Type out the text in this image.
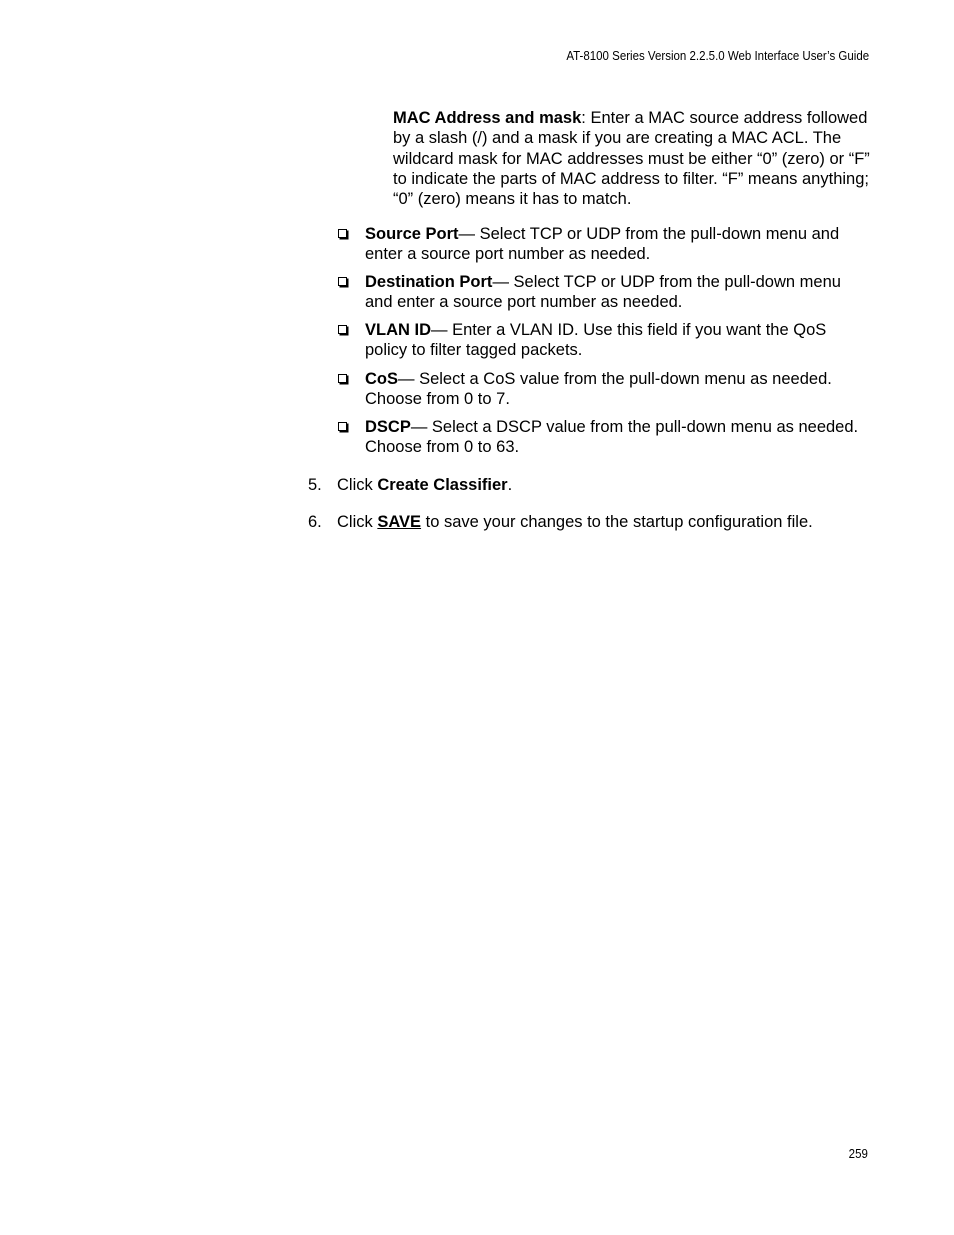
AT-8100 Series Version 2.2.5.0 Web Interface User’s Guide
MAC Address and mask: Enter a MAC source address followed by a slash (/) and a mask if you are creating a MAC ACL. The wildcard mask for MAC addresses must be either “0” (zero) or “F” to indicate the parts of MAC address to filter. “F” means anything; “0” (zero) means it has to match.
Source Port— Select TCP or UDP from the pull-down menu and enter a source port number as needed.
Destination Port— Select TCP or UDP from the pull-down menu and enter a source port number as needed.
VLAN ID— Enter a VLAN ID. Use this field if you want the QoS policy to filter tagged packets.
CoS— Select a CoS value from the pull-down menu as needed. Choose from 0 to 7.
DSCP— Select a DSCP value from the pull-down menu as needed. Choose from 0 to 63.
5. Click Create Classifier.
6. Click SAVE to save your changes to the startup configuration file.
259
